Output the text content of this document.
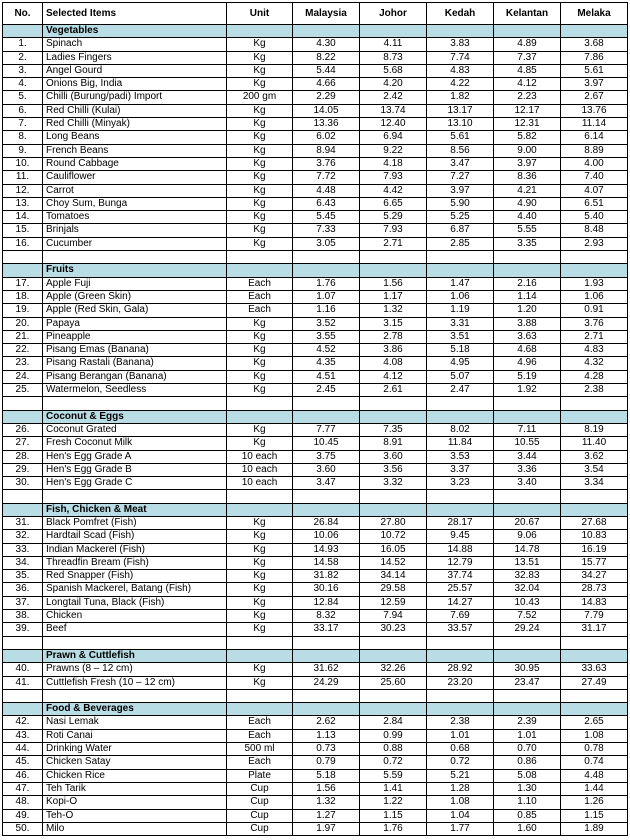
No.	Selected Items	Unit	Malaysia	Johor	Kedah	Kelantan	Melaka
	Vegetables						
1.	Spinach	Kg	4.30	4.11	3.83	4.89	3.68
2.	Ladies Fingers	Kg	8.22	8.73	7.74	7.37	7.86
3.	Angel Gourd	Kg	5.44	5.68	4.83	4.85	5.61
4.	Onions Big, India	Kg	4.66	4.20	4.22	4.12	3.97
5.	Chilli (Burung/padi) Import	200 gm	2.29	2.42	1.82	2.23	2.67
6.	Red Chilli (Kulai)	Kg	14.05	13.74	13.17	12.17	13.76
7.	Red Chilli (Minyak)	Kg	13.36	12.40	13.10	12.31	11.14
8.	Long Beans	Kg	6.02	6.94	5.61	5.82	6.14
9.	French Beans	Kg	8.94	9.22	8.56	9.00	8.89
10.	Round Cabbage	Kg	3.76	4.18	3.47	3.97	4.00
11.	Cauliflower	Kg	7.72	7.93	7.27	8.36	7.40
12.	Carrot	Kg	4.48	4.42	3.97	4.21	4.07
13.	Choy Sum, Bunga	Kg	6.43	6.65	5.90	4.90	6.51
14.	Tomatoes	Kg	5.45	5.29	5.25	4.40	5.40
15.	Brinjals	Kg	7.33	7.93	6.87	5.55	8.48
16.	Cucumber	Kg	3.05	2.71	2.85	3.35	2.93

	Fruits						
17.	Apple Fuji	Each	1.76	1.56	1.47	2.16	1.93
18.	Apple (Green Skin)	Each	1.07	1.17	1.06	1.14	1.06
19.	Apple (Red Skin, Gala)	Each	1.16	1.32	1.19	1.20	0.91
20.	Papaya	Kg	3.52	3.15	3.31	3.88	3.76
21.	Pineapple	Kg	3.55	2.78	3.51	3.63	2.71
22.	Pisang Emas (Banana)	Kg	4.52	3.86	5.18	4.68	4.83
23.	Pisang Rastali (Banana)	Kg	4.35	4.08	4.95	4.96	4.32
24.	Pisang Berangan (Banana)	Kg	4.51	4.12	5.07	5.19	4.28
25.	Watermelon, Seedless	Kg	2.45	2.61	2.47	1.92	2.38

	Coconut & Eggs						
26.	Coconut Grated	Kg	7.77	7.35	8.02	7.11	8.19
27.	Fresh Coconut Milk	Kg	10.45	8.91	11.84	10.55	11.40
28.	Hen's Egg Grade A	10 each	3.75	3.60	3.53	3.44	3.62
29.	Hen's Egg Grade B	10 each	3.60	3.56	3.37	3.36	3.54
30.	Hen's Egg Grade C	10 each	3.47	3.32	3.23	3.40	3.34

	Fish, Chicken & Meat						
31.	Black Pomfret (Fish)	Kg	26.84	27.80	28.17	20.67	27.68
32.	Hardtail Scad (Fish)	Kg	10.06	10.72	9.45	9.06	10.83
33.	Indian Mackerel (Fish)	Kg	14.93	16.05	14.88	14.78	16.19
34.	Threadfin Bream (Fish)	Kg	14.58	14.52	12.79	13.51	15.77
35.	Red Snapper (Fish)	Kg	31.82	34.14	37.74	32.83	34.27
36.	Spanish Mackerel, Batang (Fish)	Kg	30.16	29.58	25.57	32.04	28.73
37.	Longtail Tuna, Black (Fish)	Kg	12.84	12.59	14.27	10.43	14.83
38.	Chicken	Kg	8.32	7.94	7.69	7.52	7.79
39.	Beef	Kg	33.17	30.23	33.57	29.24	31.17

	Prawn & Cuttlefish						
40.	Prawns (8 – 12 cm)	Kg	31.62	32.26	28.92	30.95	33.63
41.	Cuttlefish Fresh (10 – 12 cm)	Kg	24.29	25.60	23.20	23.47	27.49

	Food & Beverages						
42.	Nasi Lemak	Each	2.62	2.84	2.38	2.39	2.65
43.	Roti Canai	Each	1.13	0.99	1.01	1.01	1.08
44.	Drinking Water	500 ml	0.73	0.88	0.68	0.70	0.78
45.	Chicken Satay	Each	0.79	0.72	0.72	0.86	0.74
46.	Chicken Rice	Plate	5.18	5.59	5.21	5.08	4.48
47.	Teh Tarik	Cup	1.56	1.41	1.28	1.30	1.44
48.	Kopi-O	Cup	1.32	1.22	1.08	1.10	1.26
49.	Teh-O	Cup	1.27	1.15	1.04	0.85	1.15
50.	Milo	Cup	1.97	1.76	1.77	1.60	1.89
